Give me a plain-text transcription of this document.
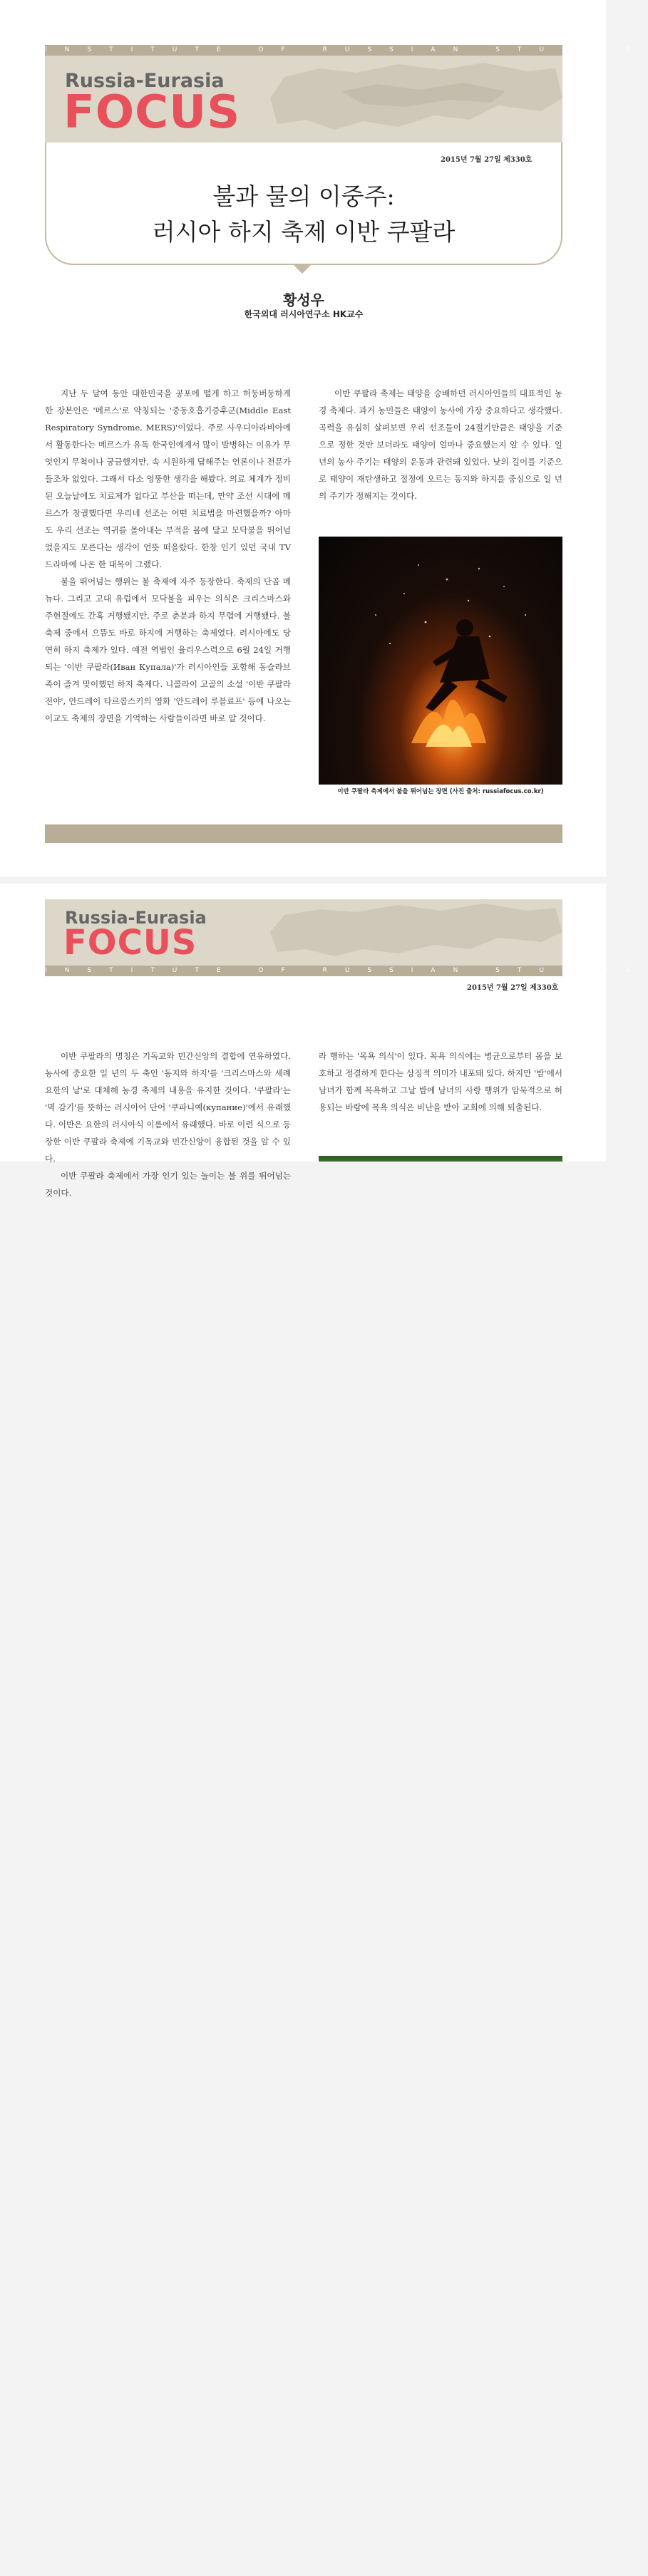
INSTITUTE OF RUSSIAN STUDIES
Russia-Eurasia
FOCUS
2015년 7월 27일 제330호
불과 물의 이중주:
러시아 하지 축제 이반 쿠팔라
황성우
한국외대 러시아연구소 HK교수

지난 두 달여 동안 대한민국을 공포에 떨게 하고 허둥버둥하게 한 장본인은 '메르스'로 약칭되는 '중동호흡기증후군(Middle East Respiratory Syndrome, MERS)'이었다. 주로 사우디아라비아에서 활동한다는 메르스가 유독 한국인에게서 많이 발병하는 이유가 무엇인지 무척이나 궁금했지만, 속 시원하게 답해주는 언론이나 전문가들조차 없었다. 그래서 다소 엉뚱한 생각을 해봤다. 의료 체계가 정비된 오늘날에도 치료제가 없다고 부산을 떠는데, 만약 조선 시대에 메르스가 창궐했다면 우리네 선조는 어떤 치료법을 마련했을까? 아마도 우리 선조는 역귀를 몰아내는 부적을 몸에 달고 모닥불을 뛰어넘었을지도 모른다는 생각이 언뜻 떠올랐다. 한창 인기 있던 국내 TV 드라마에 나온 한 대목이 그랬다.

불을 뛰어넘는 행위는 불 축제에 자주 등장한다. 축제의 단골 메뉴다. 그리고 고대 유럽에서 모닥불을 피우는 의식은 크리스마스와 주현절에도 간혹 거행됐지만, 주로 춘분과 하지 무렵에 거행됐다. 불 축제 중에서 으뜸도 바로 하지에 거행하는 축제였다. 러시아에도 당연히 하지 축제가 있다. 예전 역법인 율리우스력으로 6월 24일 거행되는 '이반 쿠팔라(Иван Купала)'가 러시아인들 포함해 동슬라브족이 즐겨 맞이했던 하지 축제다. 니콜라이 고골의 소설 '이반 쿠팔라 전야', 안드레이 타르콥스키의 영화 '안드레이 루블료프' 등에 나오는 이교도 축제의 장면을 기억하는 사람들이라면 바로 알 것이다.

이반 쿠팔라 축제는 태양을 숭배하던 러시아인들의 대표적인 농경 축제다. 과거 농민들은 태양이 농사에 가장 중요하다고 생각했다. 곡력을 유심히 살펴보면 우리 선조들이 24절기만큼은 태양을 기준으로 정한 것만 보더라도 태양이 얼마나 중요했는지 알 수 있다. 일 년의 농사 주기는 태양의 운동과 관련돼 있었다. 낮의 길이를 기준으로 태양이 재탄생하고 절정에 오르는 동지와 하지를 중심으로 일 년의 주기가 정해지는 것이다.

이반 쿠팔라 축제에서 불을 뛰어넘는 장면 (사진 출처: russiafocus.co.kr)
Russia-Eurasia
FOCUS
INSTITUTE OF RUSSIAN STUDIES
2015년 7월 27일 제330호

이반 쿠팔라의 명칭은 기독교와 민간신앙의 결합에 연유하였다. 농사에 중요한 일 년의 두 축인 '동지와 하지'를 '크리스마스와 세례요한의 날'로 대체해 농경 축제의 내용을 유지한 것이다. '쿠팔라'는 '멱 감기'를 뜻하는 러시아어 단어 '쿠파니예(купание)'에서 유래했다. 이반은 요한의 러시아식 이름에서 유래했다. 바로 이런 식으로 등장한 이반 쿠팔라 축제에 기독교와 민간신앙이 융합된 것을 알 수 있다.

이반 쿠팔라 축제에서 가장 인기 있는 놀이는 불 위를 뛰어넘는 것이다.

라 행하는 '목욕 의식'이 있다. 목욕 의식에는 병균으로부터 몸을 보호하고 정결하게 한다는 상징적 의미가 내포돼 있다. 하지만 '밤'에서 남녀가 함께 목욕하고 그날 밤에 남녀의 사랑 행위가 암묵적으로 허용되는 바람에 목욕 의식은 비난을 받아 교회에 의해 퇴출된다.
